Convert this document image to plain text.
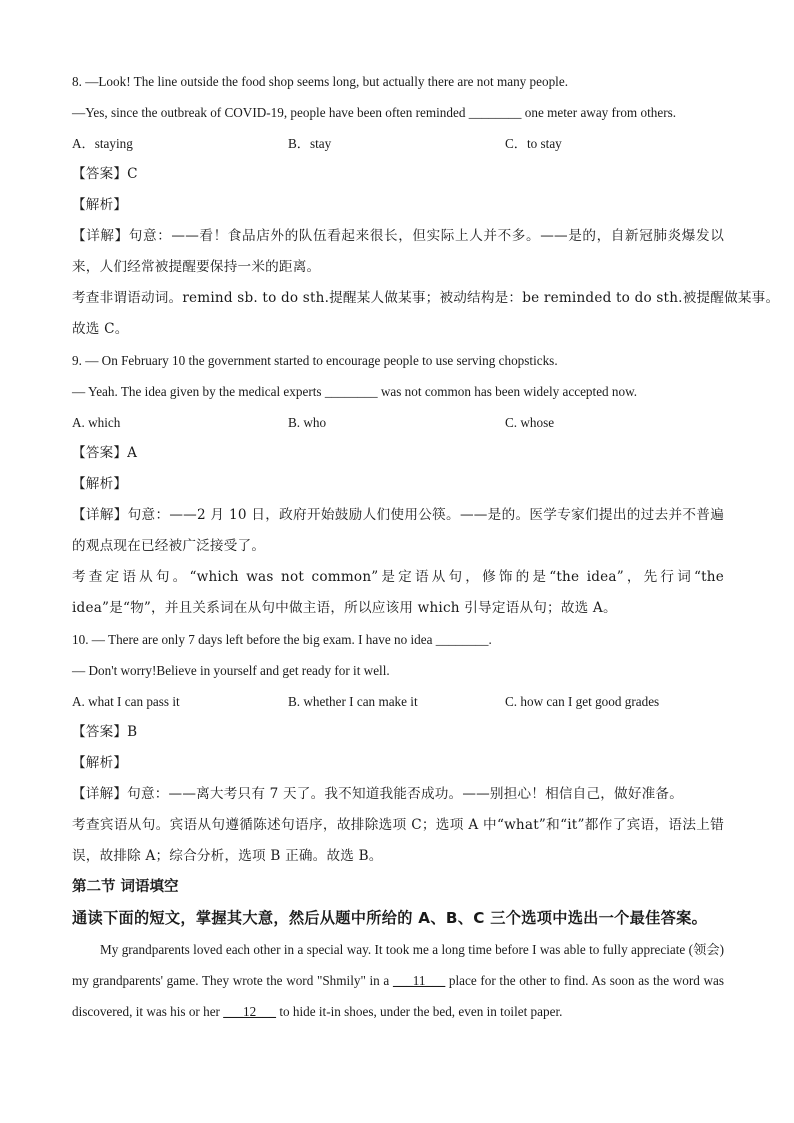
8. —Look! The line outside the food shop seems long, but actually there are not many people.
—Yes, since the outbreak of COVID-19, people have been often reminded ________ one meter away from others.
A．staying	B．stay	C．to stay
【答案】C
【解析】
【详解】句意：——看！食品店外的队伍看起来很长，但实际上人并不多。——是的，自新冠肺炎爆发以来，人们经常被提醒要保持一米的距离。
考查非谓语动词。remind sb. to do sth.提醒某人做某事；被动结构是：be reminded to do sth.被提醒做某事。
故选 C。
9. — On February 10 the government started to encourage people to use serving chopsticks.
— Yeah. The idea given by the medical experts ________ was not common has been widely accepted now.
A. which	B. who	C. whose
【答案】A
【解析】
【详解】句意：——2 月 10 日，政府开始鼓励人们使用公筷。——是的。医学专家们提出的过去并不普遍的观点现在已经被广泛接受了。
考查定语从句。“which was not common”是定语从句，修饰的是“the idea”，先行词“the idea”是“物”，并且关系词在从句中做主语，所以应该用 which 引导定语从句；故选 A。
10. — There are only 7 days left before the big exam. I have no idea ________.
— Don't worry!Believe in yourself and get ready for it well.
A. what I can pass it	B. whether I can make it	C. how can I get good grades
【答案】B
【解析】
【详解】句意：——离大考只有 7 天了。我不知道我能否成功。——别担心！相信自己，做好准备。
考查宾语从句。宾语从句遵循陈述句语序，故排除选项 C；选项 A 中“what”和“it”都作了宾语，语法上错误，故排除 A；综合分析，选项 B 正确。故选 B。
第二节 词语填空
通读下面的短文，掌握其大意，然后从题中所给的 A、B、C 三个选项中选出一个最佳答案。
My grandparents loved each other in a special way. It took me a long time before I was able to fully appreciate (领会) my grandparents' game. They wrote the word "Shmily" in a ___11___ place for the other to find. As soon as the word was discovered, it was his or her ___12___ to hide it-in shoes, under the bed, even in toilet paper.
